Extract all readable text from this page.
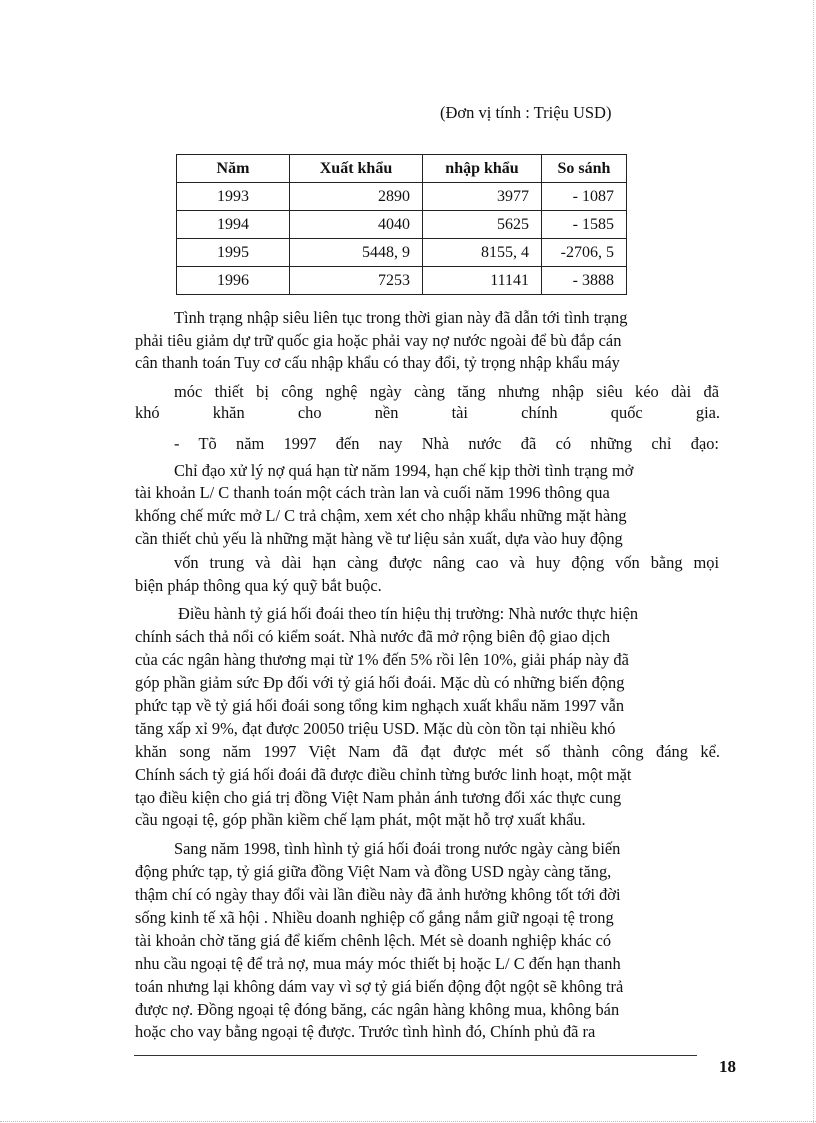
(Đơn vị tính : Triệu USD)
Năm	Xuất khẩu	nhập khẩu	So sánh
1993	2890	3977	- 1087
1994	4040	5625	- 1585
1995	5448, 9	8155, 4	-2706, 5
1996	7253	11141	- 3888
Tình trạng nhập siêu liên tục trong thời gian này đã dẫn tới tình trạng
phải tiêu giảm dự trữ quốc gia hoặc phải vay nợ nước ngoài để bù đắp cán
cân thanh toán Tuy cơ cấu nhập khẩu có thay đổi, tỷ trọng nhập khẩu máy
móc thiết bị công nghệ ngày càng tăng nhưng nhập siêu kéo dài đã
khó khăn cho nền tài chính quốc gia.
- Tõ năm 1997 đến nay Nhà nước đã có những chỉ đạo:
Chỉ đạo xử lý nợ quá hạn từ năm 1994, hạn chế kịp thời tình trạng mở
tài khoản L/ C thanh toán một cách tràn lan và cuối năm 1996 thông qua
khống chế mức mở L/ C trả chậm, xem xét cho nhập khẩu những mặt hàng
cần thiết chủ yếu là những mặt hàng về tư liệu sản xuất, dựa vào huy động
vốn trung và dài hạn càng được nâng cao và huy động vốn bằng mọi
biện pháp thông qua ký quỹ bắt buộc.
Điều hành tỷ giá hối đoái theo tín hiệu thị trường: Nhà nước thực hiện
chính sách thả nổi có kiểm soát. Nhà nước đã mở rộng biên độ giao dịch
của các ngân hàng thương mại từ 1% đến 5% rồi lên 10%, giải pháp này đã
góp phần giảm sức Đp đối với tỷ giá hối đoái. Mặc dù có những biến động
phức tạp về tỷ giá hối đoái song tổng kim nghạch xuất khẩu năm 1997 vẫn
tăng xấp xỉ 9%, đạt được 20050 triệu USD. Mặc dù còn tồn tại nhiều khó
khăn song năm 1997 Việt Nam đã đạt được mét số thành công đáng kể.
Chính sách tỷ giá hối đoái đã được điều chỉnh từng bước linh hoạt, một mặt
tạo điều kiện cho giá trị đồng Việt Nam phản ánh tương đối xác thực cung
cầu ngoại tệ, góp phần kiềm chế lạm phát, một mặt hỗ trợ xuất khẩu.
Sang năm 1998, tình hình tỷ giá hối đoái trong nước ngày càng biến
động phức tạp, tỷ giá giữa đồng Việt Nam và đồng USD ngày càng tăng,
thậm chí có ngày thay đổi vài lần điều này đã ảnh hưởng không tốt tới đời
sống kinh tế xã hội . Nhiều doanh nghiệp cố gắng nắm giữ ngoại tệ trong
tài khoản chờ tăng giá để kiếm chênh lệch. Mét sè doanh nghiệp khác có
nhu cầu ngoại tệ để trả nợ, mua máy móc thiết bị hoặc L/ C đến hạn thanh
toán nhưng lại không dám vay vì sợ tỷ giá biến động đột ngột sẽ không trả
được nợ. Đồng ngoại tệ đóng băng, các ngân hàng không mua, không bán
hoặc cho vay bằng ngoại tệ được. Trước tình hình đó, Chính phủ đã ra
18
